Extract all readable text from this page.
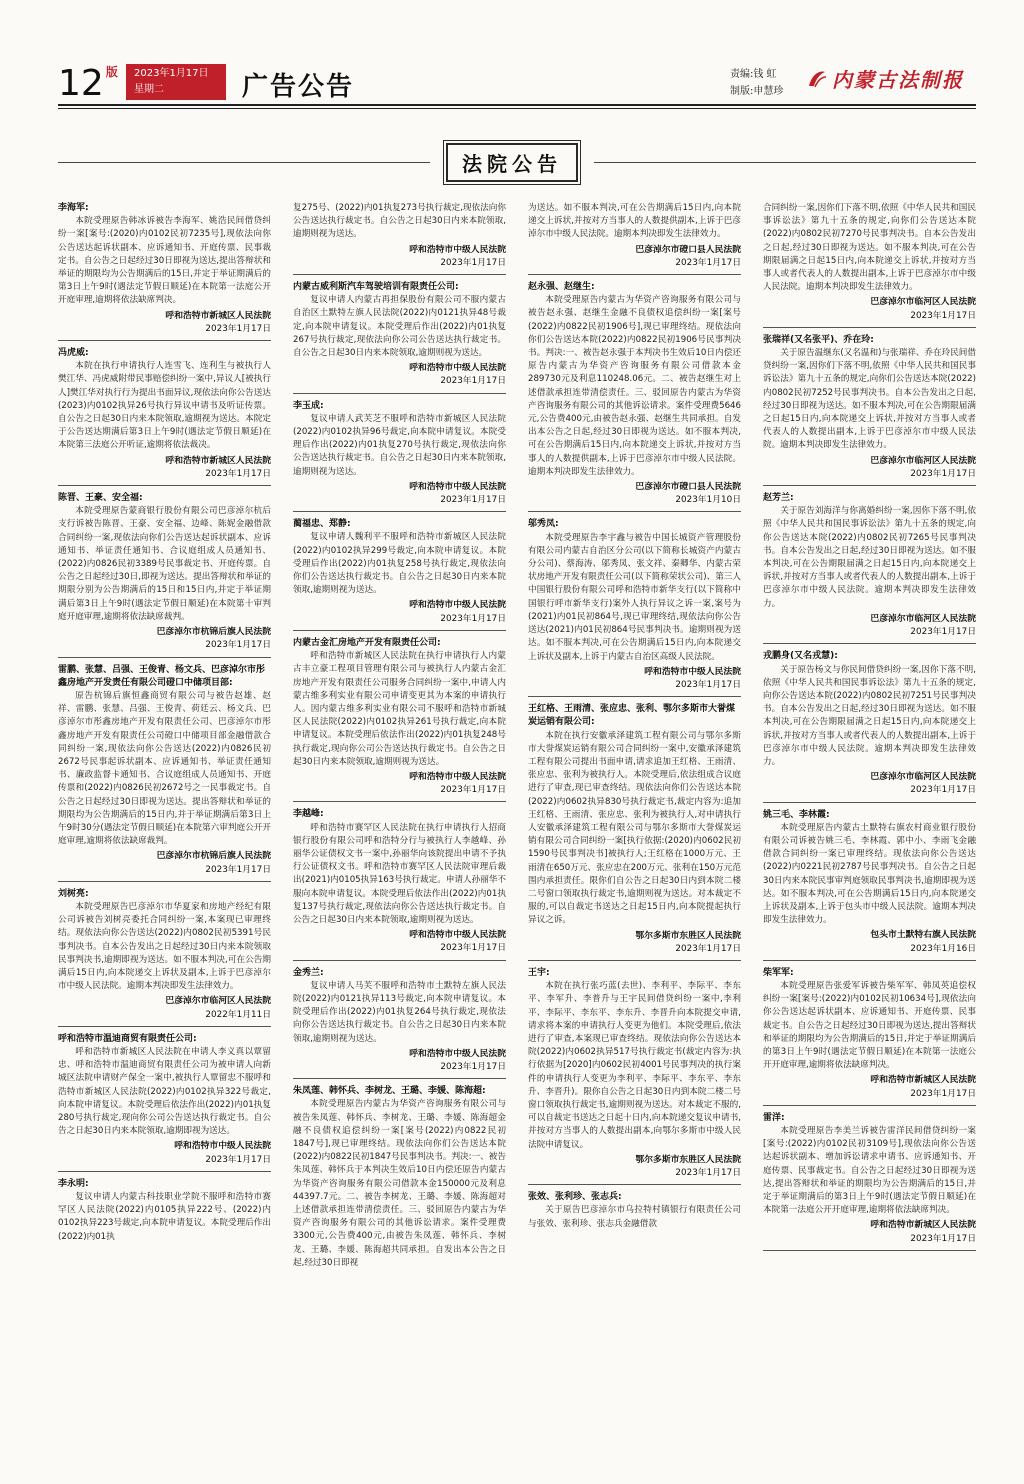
12 版 2023年1月17日
星期二	广告公告	责编:钱 虹
制版:申慧珍 内蒙古法制报
法院公告
李海军:

本院受理原告韩冰诉被告李海军、姚浩民间借贷纠纷一案[案号:(2020)内0102民初7235号],现依法向你公告送达起诉状副本、应诉通知书、开庭传票、民事裁定书。自公告之日起经过30日即视为送达,提出答辩状和举证的期限均为公告期满后的15日,并定于举证期满后的第3日上午9时(遇法定节假日顺延)在本院第一法庭公开开庭审理,逾期将依法缺席判决。

呼和浩特市新城区人民法院
2023年1月17日
冯虎威:

本院在执行申请执行人连雪飞、连利生与被执行人樊江华、冯虎威附带民事赔偿纠纷一案中,异议人[被执行人]樊江华对执行行为提出书面异议,现依法向你公告送达(2023)内0102执异26号执行异议申请书及听证传票。自公告之日起30日内来本院领取,逾期视为送达。本院定于公告送达期满后第3日上午9时(遇法定节假日顺延)在本院第三法庭公开听证,逾期将依法裁决。

呼和浩特市新城区人民法院
2023年1月17日
陈晋、王豪、安全福:

本院受理原告蒙商银行股份有限公司巴彦淖尔杭后支行诉被告陈晋、王豪、安全福、边峰、陈妮金融借款合同纠纷一案,现依法向你们公告送达起诉状副本、应诉通知书、举证责任通知书、合议庭组成人员通知书、(2022)内0826民初3389号民事裁定书、开庭传票。自公告之日起经过30日,即视为送达。提出答辩状和举证的期限分别为公告期满后的15日和15日内,并定于举证期满后第3日上午9时(遇法定节假日顺延)在本院第十审判庭开庭审理,逾期将依法缺席裁判。

巴彦淖尔市杭锦后旗人民法院
2023年1月17日
雷鹏、张慧、吕强、王俊青、杨文兵、巴彦淖尔市彤鑫房地产开发责任有限公司磴口中储项目部:

原告杭锦后旗恒鑫商贸有限公司与被告赵雄、赵祥、雷鹏、张慧、吕强、王俊青、荷廷云、杨文兵、巴彦淖尔市彤鑫房地产开发有限责任公司、巴彦淖尔市彤鑫房地产开发有限责任公司磴口中储项目部金融借款合同纠纷一案,现依法向你公告送达(2022)内0826民初2672号民事起诉状副本、应诉通知书、举证责任通知书、廉政监督卡通知书、合议庭组成人员通知书、开庭传票和(2022)内0826民初2672号之一民事裁定书。自公告之日起经过30日即视为送达。提出答辩状和举证的期限均为公告期满后的15日内,并于举证期满后第3日上午9时30分(遇法定节假日顺延)在本院第六审判庭公开开庭审理,逾期将依法缺席裁判。

巴彦淖尔市杭锦后旗人民法院
2023年1月17日
刘树亮:

本院受理原告巴彦淖尔市华夏家和房地产经纪有限公司诉被告刘树亮委托合同纠纷一案,本案现已审理终结。现依法向你公告送达(2022)内0802民初5391号民事判决书。自本公告发出之日起经过30日内来本院领取民事判决书,逾期即视为送达。如不服本判决,可在公告期满后15日内,向本院递交上诉状及副本,上诉于巴彦淖尔市中级人民法院。逾期本判决即发生法律效力。

巴彦淖尔市临河区人民法院
2022年1月11日
呼和浩特市温迪商贸有限责任公司:

呼和浩特市新城区人民法院在申请人李义真以覃留忠、呼和浩特市温迪商贸有限责任公司为被申请人向新城区法院申请财产保全一案中,被执行人覃留忠不服呼和浩特市新城区人民法院(2022)内0102执异322号裁定,向本院申请复议。本院受理后依法作出(2022)内01执复280号执行裁定,现向你公司公告送达执行裁定书。自公告之日起30日内来本院领取,逾期即视为送达。

呼和浩特市中级人民法院
2023年1月17日
李永明:

复议申请人内蒙古科技职业学院不服呼和浩特市赛罕区人民法院(2022)内0105执异222号、(2022)内0102执异223号裁定,向本院申请复议。本院受理后作出(2022)内01执

复275号、(2022)内01执复273号执行裁定,现依法向你公告送达执行裁定书。自公告之日起30日内来本院领取,逾期则视为送达。

呼和浩特市中级人民法院
2023年1月17日
内蒙古威利斯汽车驾驶培训有限责任公司:

复议申请人内蒙古再担保股份有限公司不服内蒙古自治区土默特左旗人民法院(2022)内0121执异48号裁定,向本院申请复议。本院受理后作出(2022)内01执复267号执行裁定,现依法向你公司公告送达执行裁定书。自公告之日起30日内来本院领取,逾期则视为送达。

呼和浩特市中级人民法院
2023年1月17日
李玉成:

复议申请人武芙芝不服呼和浩特市新城区人民法院(2022)内0102执异96号裁定,向本院申请复议。本院受理后作出(2022)内01执复270号执行裁定,现依法向你公告送达执行裁定书。自公告之日起30日内来本院领取,逾期则视为送达。

呼和浩特市中级人民法院
2023年1月17日
蔺福忠、郑静:

复议申请人魏利平不服呼和浩特市新城区人民法院(2022)内0102执异299号裁定,向本院申请复议。本院受理后作出(2022)内01执复258号执行裁定,现依法向你们公告送达执行裁定书。自公告之日起30日内来本院领取,逾期则视为送达。

呼和浩特市中级人民法院
2023年1月17日
内蒙古金汇房地产开发有限责任公司:

呼和浩特市新城区人民法院在执行申请执行人内蒙古丰立豪工程项目管理有限公司与被执行人内蒙古金汇房地产开发有限责任公司服务合同纠纷一案中,申请人内蒙古维多利实业有限公司申请变更其为本案的申请执行人。因内蒙古维多利实业有限公司不服呼和浩特市新城区人民法院(2022)内0102执异261号执行裁定,向本院申请复议。本院受理后依法作出(2022)内01执复248号执行裁定,现向你公司公告送达执行裁定书。自公告之日起30日内来本院领取,逾期则视为送达。

呼和浩特市中级人民法院
2023年1月17日
李越峰:

呼和浩特市赛罕区人民法院在执行申请执行人招商银行股份有限公司呼和浩特分行与被执行人李越峰、孙丽华公证债权文书一案中,孙丽华向该院提出申请不予执行公证债权文书。呼和浩特市赛罕区人民法院审理后裁出(2021)内0105执异163号执行裁定。申请人孙丽华不服向本院申请复议。本院受理后依法作出(2022)内01执复137号执行裁定,现依法向你公告送达执行裁定书。自公告之日起30日内来本院领取,逾期则视为送达。

呼和浩特市中级人民法院
2023年1月17日
金秀兰:

复议申请人马芙不服呼和浩特市土默特左旗人民法院(2022)内0121执异113号裁定,向本院申请复议。本院受理后作出(2022)内01执复264号执行裁定,现依法向你公告送达执行裁定书。自公告之日起30日内来本院领取,逾期则视为送达。

呼和浩特市中级人民法院
2023年1月17日
朱凤莲、韩怀兵、李树龙、王璐、李媛、陈海超:

本院受理原告内蒙古为华资产咨询服务有限公司与被告朱凤莲、韩怀兵、李树龙、王璐、李媛、陈海超金融不良债权追偿纠纷一案[案号(2022)内0822民初1847号],现已审理终结。现依法向你们公告送达本院(2022)内0822民初1847号民事判决书。判决:一、被告朱凤莲、韩怀兵于本判决生效后10日内偿还原告内蒙古为华资产咨询服务有限公司借款本金150000元及利息44397.7元。二、被告李树龙、王璐、李媛、陈海超对上述借款承担连带清偿责任。三、驳回原告内蒙古为华资产咨询服务有限公司的其他诉讼请求。案件受理费3300元,公告费400元,由被告朱凤莲、韩怀兵、李树龙、王璐、李媛、陈海超共同承担。自发出本公告之日起,经过30日即视

为送达。如不服本判决,可在公告期满后15日内,向本院递交上诉状,并按对方当事人的人数提供副本,上诉于巴彦淖尔市中级人民法院。逾期本判决即发生法律效力。

巴彦淖尔市磴口县人民法院
2023年1月17日
赵永强、赵继生:

本院受理原告内蒙古为华资产咨询服务有限公司与被告赵永强、赵继生金融不良债权追偿纠纷一案[案号(2022)内0822民初1906号],现已审理终结。现依法向你们公告送达本院(2022)内0822民初1906号民事判决书。判决:一、被告赵永强于本判决书生效后10日内偿还原告内蒙古为华资产咨询服务有限公司借款本金289730元及利息110248.06元。二、被告赵继生对上述借款承担连带清偿责任。三、驳回原告内蒙古为华资产咨询服务有限公司的其他诉讼请求。案件受理费5646元,公告费400元,由被告赵永强、赵继生共同承担。自发出本公告之日起,经过30日即视为送达。如不服本判决,可在公告期满后15日内,向本院递交上诉状,并按对方当事人的人数提供副本,上诉于巴彦淖尔市中级人民法院。逾期本判决即发生法律效力。

巴彦淖尔市磴口县人民法院
2023年1月10日
邬秀凤:

本院受理原告李宇鑫与被告中国长城资产管理股份有限公司内蒙古自治区分公司(以下简称长城资产内蒙古分公司)、蔡海涛、邬秀凤、张文祥、秦卿华、内蒙古荣状房地产开发有限责任公司(以下简称荣状公司)、第三人中国银行股份有限公司呼和浩特市新华支行(以下简称中国银行呼市新华支行)案外人执行异议之诉一案,案号为(2021)内01民初864号,现已审理终结,现依法向你公告送达(2021)内01民初864号民事判决书。逾期则视为送达。如不服本判决,可在公告期满后15日内,向本院递交上诉状及副本,上诉于内蒙古自治区高级人民法院。

呼和浩特市中级人民法院
2023年1月17日
王红格、王雨清、张应忠、张利、鄂尔多斯市大誉煤炭运销有限公司:

本院在执行安徽承泽建筑工程有限公司与鄂尔多斯市大誉煤炭运销有限公司合同纠纷一案中,安徽承泽建筑工程有限公司提出书面申请,请求追加王红格、王雨清、张应忠、张利为被执行人。本院受理后,依法组成合议庭进行了审查,现已审查终结。现依法向你们公告送达本院(2022)内0602执异830号执行裁定书,裁定内容为:追加王红格、王雨清、张应忠、张利为被执行人,对申请执行人安徽承泽建筑工程有限公司与鄂尔多斯市大誉煤炭运销有限公司合同纠纷一案[执行依据:(2020)内0602民初1590号民事判决书]被执行人;王红格在1000万元、王雨清在650万元、张应忠在200万元、张利在150万元范围内承担责任。限你们自公告之日起30日内到本院二楼二号窗口领取执行裁定书,逾期则视为送达。对本裁定不服的,可以自裁定书送达之日起15日内,向本院提起执行异议之诉。

鄂尔多斯市东胜区人民法院
2023年1月17日
王宇:

本院在执行张巧蓝(去世)、李利平、李际平、李东平、李军升、李普升与王宇民间借贷纠纷一案中,李利平、李际平、李东平、李东升、李晋升向本院提交申请,请求将本案的申请执行人变更为他们。本院受理后,依法进行了审查,本案现已审查终结。现依法向你公告送达本院(2022)内0602执异517号执行裁定书(裁定内容为:执行依据为[2020]内0602民初4001号民事判决的执行案件的申请执行人变更为李利平、李际平、李东平、李东升、李晋升)。限你自公告之日起30日内到本院二楼二号窗口领取执行裁定书,逾期则视为送达。对本裁定不服的,可以自裁定书送达之日起十日内,向本院递交复议申请书,并按对方当事人的人数提出副本,向鄂尔多斯市中级人民法院申请复议。

鄂尔多斯市东胜区人民法院
2023年1月17日
张效、张利珍、张志兵:

关于原告巴彦淖尔市乌拉特村镇银行有限责任公司与张效、张利珍、张志兵金融借款

合同纠纷一案,因你们下落不明,依照《中华人民共和国民事诉讼法》第九十五条的规定,向你们公告送达本院(2022)内0802民初7270号民事判决书。自本公告发出之日起,经过30日即视为送达。如不服本判决,可在公告期限届满之日起15日内,向本院递交上诉状,并按对方当事人或者代表人的人数提出副本,上诉于巴彦淖尔市中级人民法院。逾期本判决即发生法律效力。

巴彦淖尔市临河区人民法院
2023年1月17日
张瑞祥(又名张平)、乔在玲:

关于原告温继东(又名温和)与张瑞祥、乔在玲民间借贷纠纷一案,因你们下落不明,依照《中华人民共和国民事诉讼法》第九十五条的规定,向你们公告送达本院(2022)内0802民初7252号民事判决书。自本公告发出之日起,经过30日即视为送达。如不服本判决,可在公告期限届满之日起15日内,向本院递交上诉状,并按对方当事人或者代表人的人数提出副本,上诉于巴彦淖尔市中级人民法院。逾期本判决即发生法律效力。

巴彦淖尔市临河区人民法院
2023年1月17日
赵芳兰:

关于原告刘海洋与你离婚纠纷一案,因你下落不明,依照《中华人民共和国民事诉讼法》第九十五条的规定,向你公告送达本院(2022)内0802民初7265号民事判决书。自本公告发出之日起,经过30日即视为送达。如不服本判决,可在公告期限届满之日起15日内,向本院递交上诉状,并按对方当事人或者代表人的人数提出副本,上诉于巴彦淖尔市中级人民法院。逾期本判决即发生法律效力。

巴彦淖尔市临河区人民法院
2023年1月17日
戎鹏身(又名戎慧):

关于原告杨文与你民间借贷纠纷一案,因你下落不明,依照《中华人民共和国民事诉讼法》第九十五条的规定,向你公告送达本院(2022)内0802民初7251号民事判决书。自本公告发出之日起,经过30日即视为送达。如不服本判决,可在公告期限届满之日起15日内,向本院递交上诉状,并按对方当事人或者代表人的人数提出副本,上诉于巴彦淖尔市中级人民法院。逾期本判决即发生法律效力。

巴彦淖尔市临河区人民法院
2023年1月17日
姚三毛、李林霞:

本院受理原告内蒙古土默特右旗农村商业银行股份有限公司诉被告姚三毛、李林霞、郭中小、李雨飞金融借款合同纠纷一案已审理终结。现依法向你公告送达(2022)内0221民初2787号民事判决书。自公告之日起30日内来本院民事审判庭领取民事判决书,逾期即视为送达。如不服本判决,可在公告期满后15日内,向本院递交上诉状及副本,上诉于包头市中级人民法院。逾期本判决即发生法律效力。

包头市土默特右旗人民法院
2023年1月16日
柴军军:

本院受理原告张爱军诉被告柴军军、韩凤英追偿权纠纷一案[案号:(2022)内0102民初10634号],现依法向你公告送达起诉状副本、应诉通知书、开庭传票、民事裁定书。自公告之日起经过30日即视为送达,提出答辩状和举证的期限均为公告期满后的15日,并定于举证期满后的第3日上午9时(遇法定节假日顺延)在本院第一法庭公开开庭审理,逾期将依法缺席判决。

呼和浩特市新城区人民法院
2023年1月17日
雷洋:

本院受理原告李美兰诉被告雷洋民间借贷纠纷一案[案号:(2022)内0102民初3109号],现依法向你公告送达起诉状副本、增加诉讼请求申请书、应诉通知书、开庭传票、民事裁定书。自公告之日起经过30日即视为送达,提出答辩状和举证的期限均为公告期满后的15日,并定于举证期满后的第3日上午9时(遇法定节假日顺延)在本院第一法庭公开开庭审理,逾期将依法缺席判决。

呼和浩特市新城区人民法院
2023年1月17日
